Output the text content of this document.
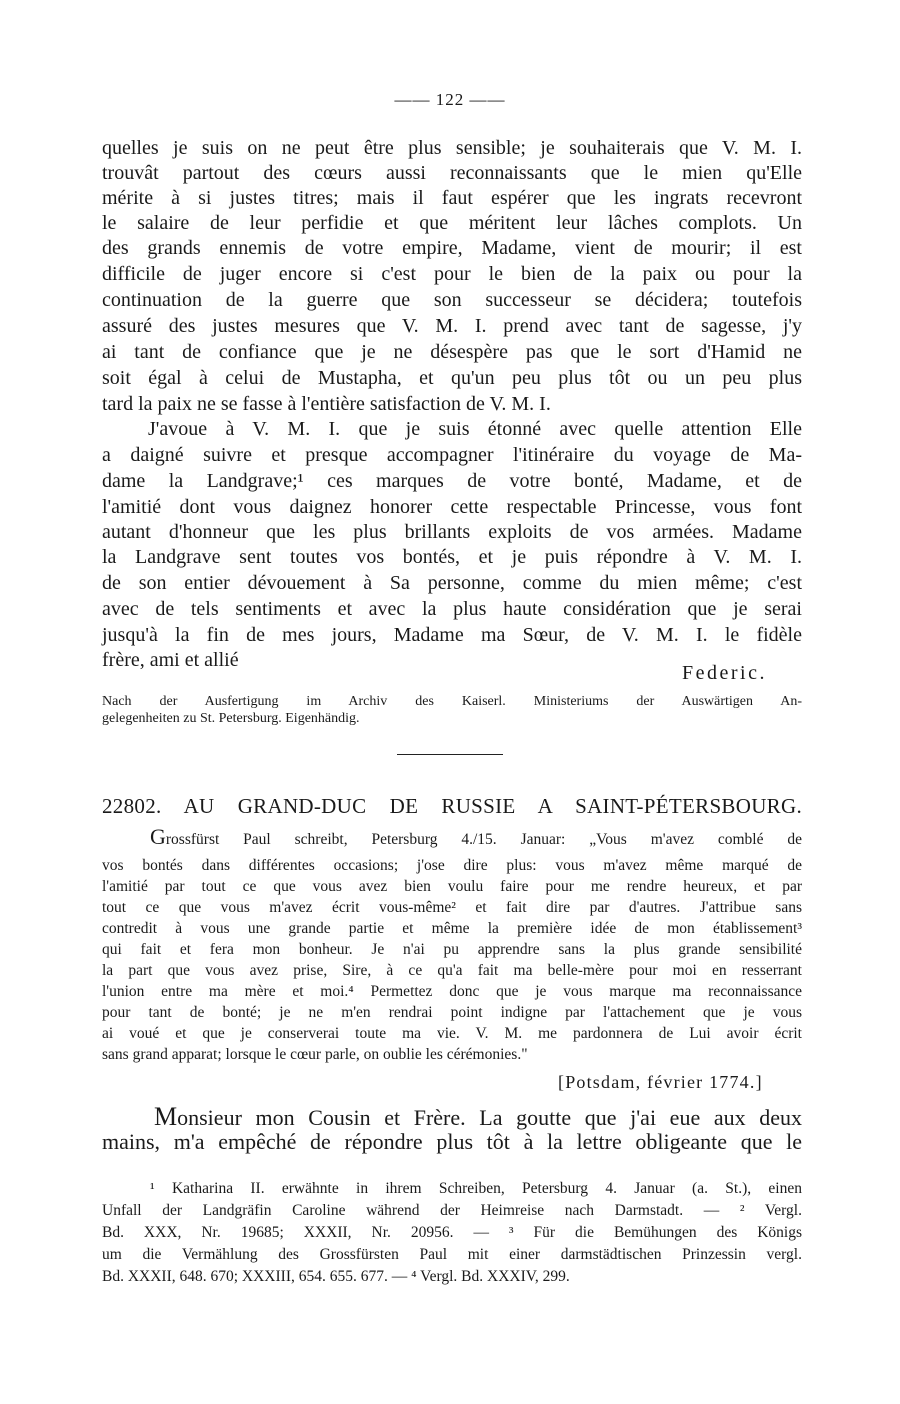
—— 122 ——
quelles je suis on ne peut être plus sensible; je souhaiterais que V. M. I.
trouvât partout des cœurs aussi reconnaissants que le mien qu'Elle
mérite à si justes titres; mais il faut espérer que les ingrats recevront
le salaire de leur perfidie et que méritent leur lâches complots. Un
des grands ennemis de votre empire, Madame, vient de mourir; il est
difficile de juger encore si c'est pour le bien de la paix ou pour la
continuation de la guerre que son successeur se décidera; toutefois
assuré des justes mesures que V. M. I. prend avec tant de sagesse, j'y
ai tant de confiance que je ne désespère pas que le sort d'Hamid ne
soit égal à celui de Mustapha, et qu'un peu plus tôt ou un peu plus
tard la paix ne se fasse à l'entière satisfaction de V. M. I.
J'avoue à V. M. I. que je suis étonné avec quelle attention Elle
a daigné suivre et presque accompagner l'itinéraire du voyage de Ma-
dame la Landgrave;¹ ces marques de votre bonté, Madame, et de
l'amitié dont vous daignez honorer cette respectable Princesse, vous font
autant d'honneur que les plus brillants exploits de vos armées. Madame
la Landgrave sent toutes vos bontés, et je puis répondre à V. M. I.
de son entier dévouement à Sa personne, comme du mien même; c'est
avec de tels sentiments et avec la plus haute considération que je serai
jusqu'à la fin de mes jours, Madame ma Sœur, de V. M. I. le fidèle
frère, ami et allié
Federic.
Nach der Ausfertigung im Archiv des Kaiserl. Ministeriums der Auswärtigen An-
gelegenheiten zu St. Petersburg. Eigenhändig.
22802. AU GRAND-DUC DE RUSSIE A SAINT-PÉTERSBOURG.
Grossfürst Paul schreibt, Petersburg 4./15. Januar: „Vous m'avez comblé de
vos bontés dans différentes occasions; j'ose dire plus: vous m'avez même marqué de
l'amitié par tout ce que vous avez bien voulu faire pour me rendre heureux, et par
tout ce que vous m'avez écrit vous-même² et fait dire par d'autres. J'attribue sans
contredit à vous une grande partie et même la première idée de mon établissement³
qui fait et fera mon bonheur. Je n'ai pu apprendre sans la plus grande sensibilité
la part que vous avez prise, Sire, à ce qu'a fait ma belle-mère pour moi en resserrant
l'union entre ma mère et moi.⁴ Permettez donc que je vous marque ma reconnaissance
pour tant de bonté; je ne m'en rendrai point indigne par l'attachement que je vous
ai voué et que je conserverai toute ma vie. V. M. me pardonnera de Lui avoir écrit
sans grand apparat; lorsque le cœur parle, on oublie les cérémonies."
[Potsdam, février 1774.]
Monsieur mon Cousin et Frère. La goutte que j'ai eue aux deux
mains, m'a empêché de répondre plus tôt à la lettre obligeante que le
¹ Katharina II. erwähnte in ihrem Schreiben, Petersburg 4. Januar (a. St.), einen
Unfall der Landgräfin Caroline während der Heimreise nach Darmstadt. — ² Vergl.
Bd. XXX, Nr. 19685; XXXII, Nr. 20956. — ³ Für die Bemühungen des Königs
um die Vermählung des Grossfürsten Paul mit einer darmstädtischen Prinzessin vergl.
Bd. XXXII, 648. 670; XXXIII, 654. 655. 677. — ⁴ Vergl. Bd. XXXIV, 299.
